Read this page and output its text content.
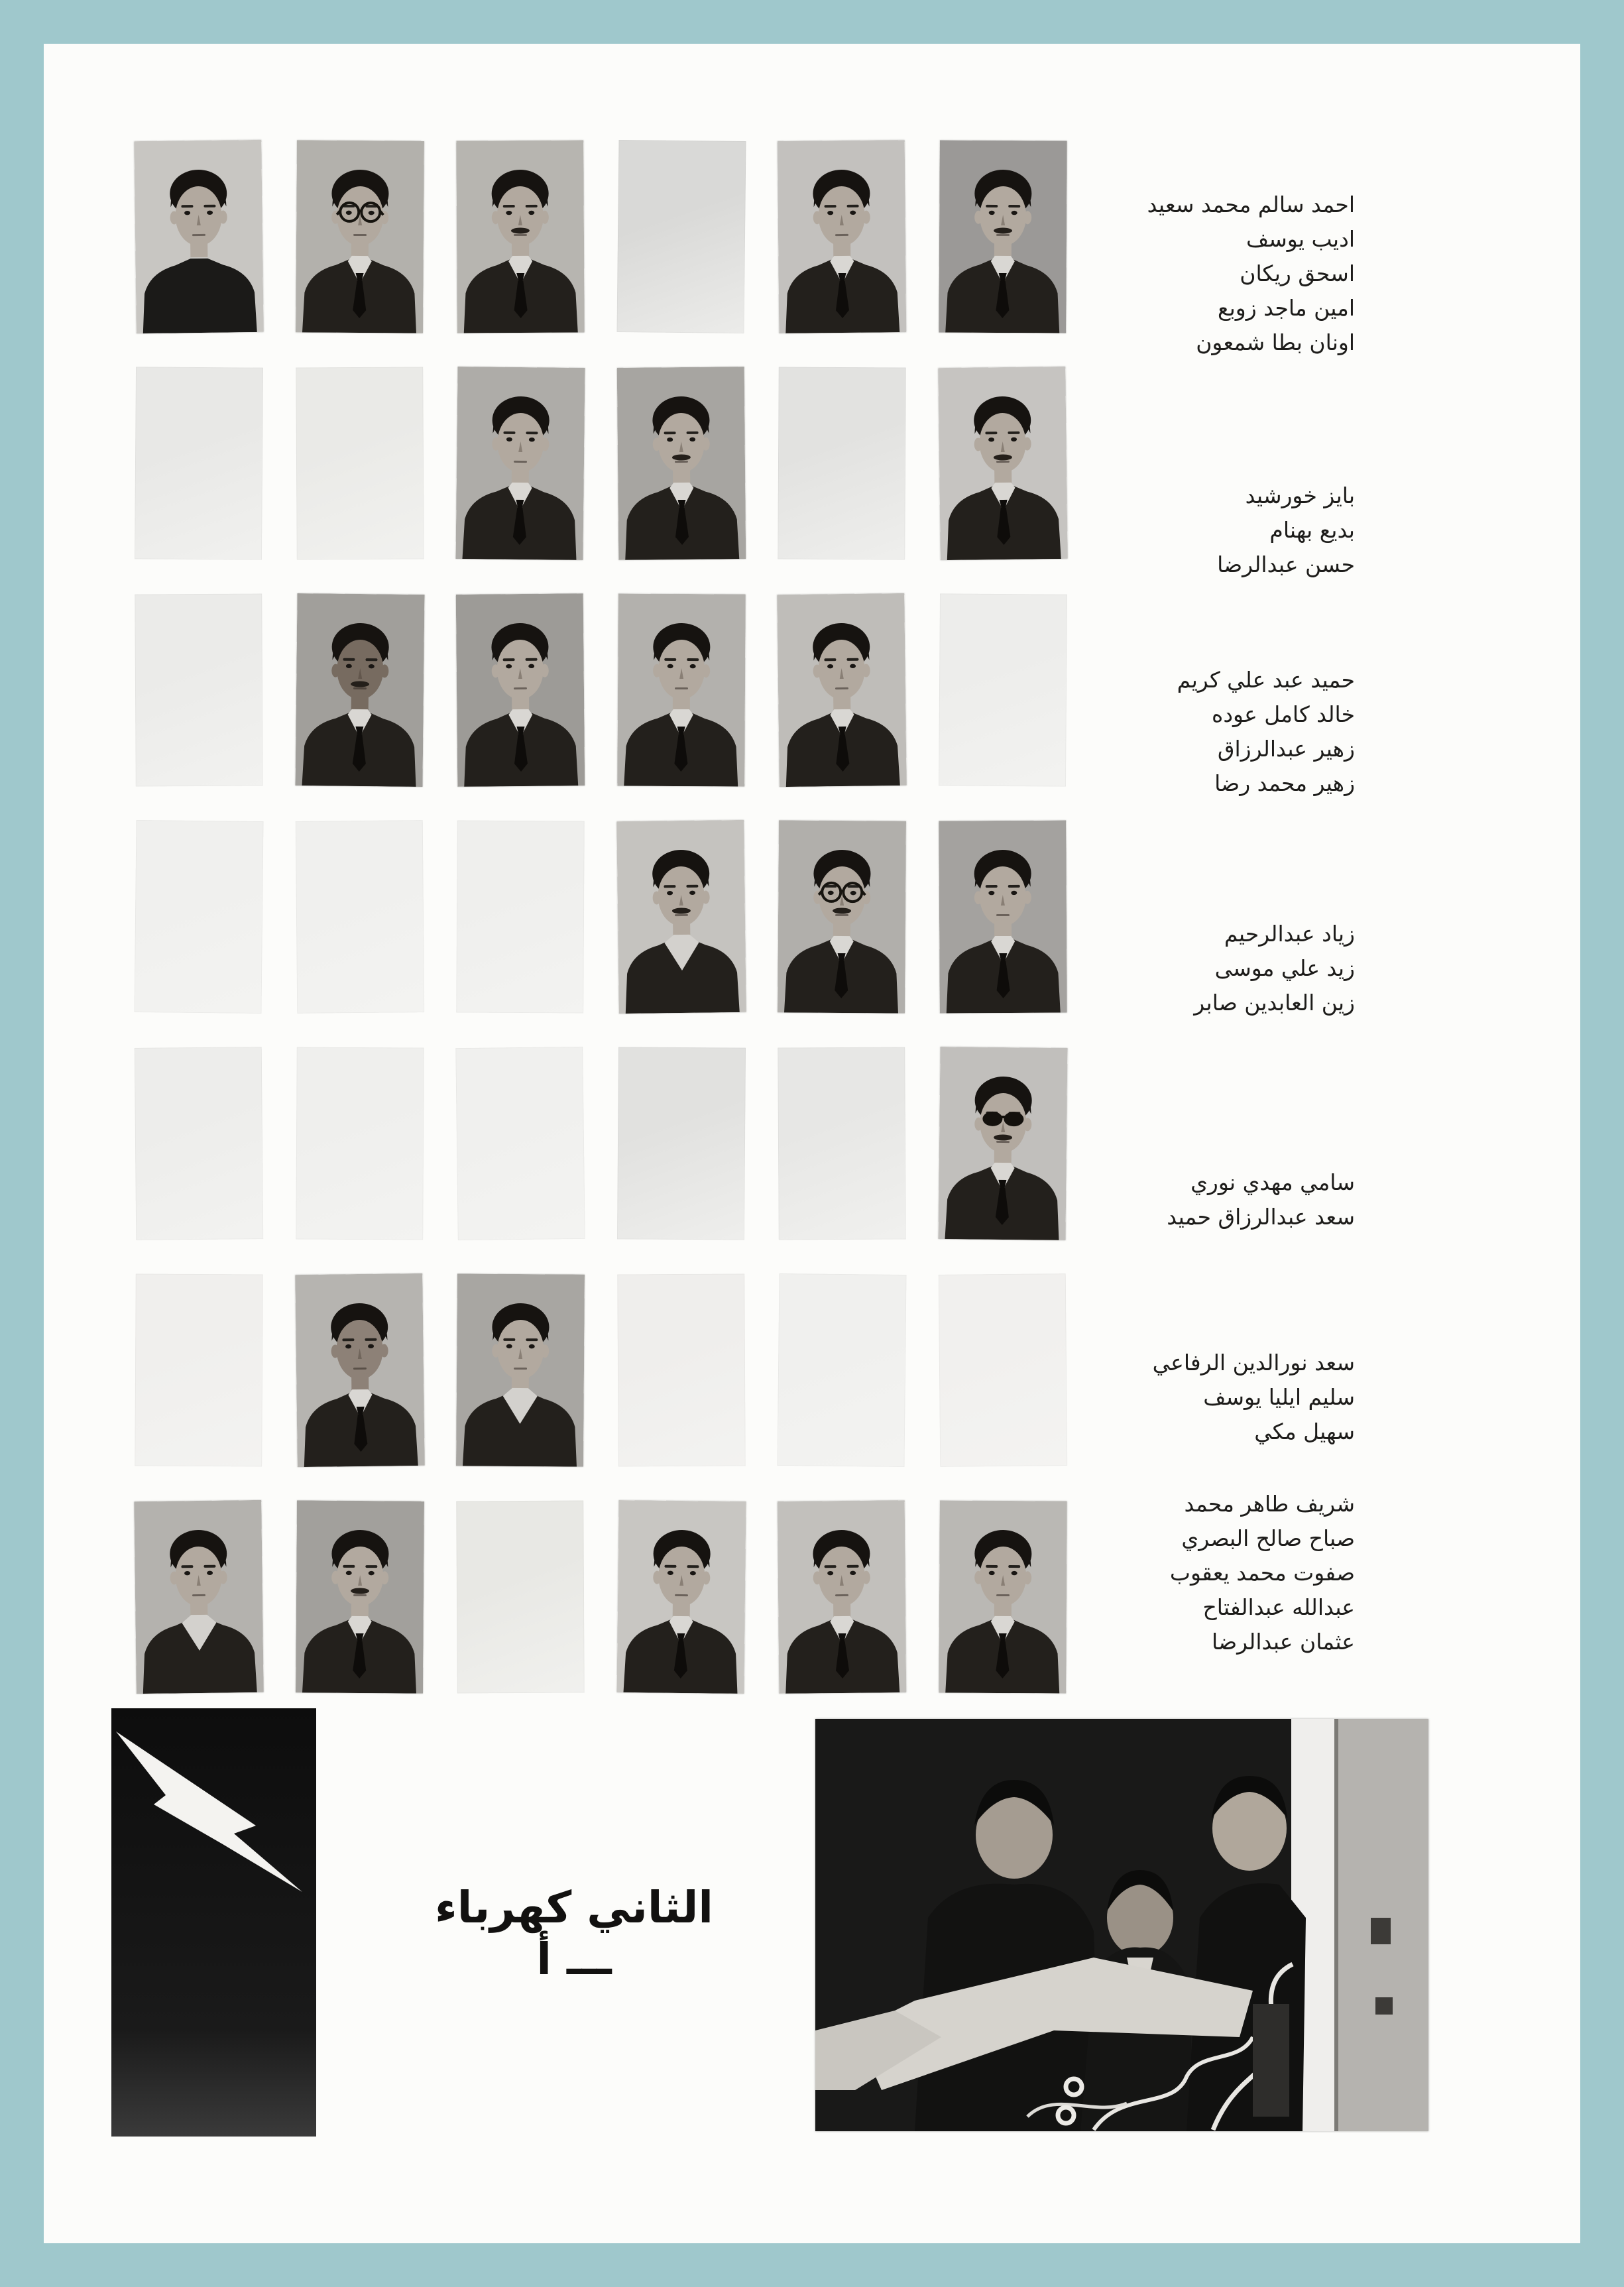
احمد سالم محمد سعيد
اديب يوسف
اسحق ريكان
امين ماجد زوبع
اونان بطا شمعون
بايز خورشيد
بديع بهنام
حسن عبدالرضا
حميد عبد علي كريم
خالد كامل عوده
زهير عبدالرزاق
زهير محمد رضا
زياد عبدالرحيم
زيد علي موسى
زين العابدين صابر
سامي مهدي نوري
سعد عبدالرزاق حميد
سعد نورالدين الرفاعي
سليم ايليا يوسف
سهيل مكي
شريف طاهر محمد
صباح صالح البصري
صفوت محمد يعقوب
عبدالله عبدالفتاح
عثمان عبدالرضا
الثاني كهرباء ـــ أ
